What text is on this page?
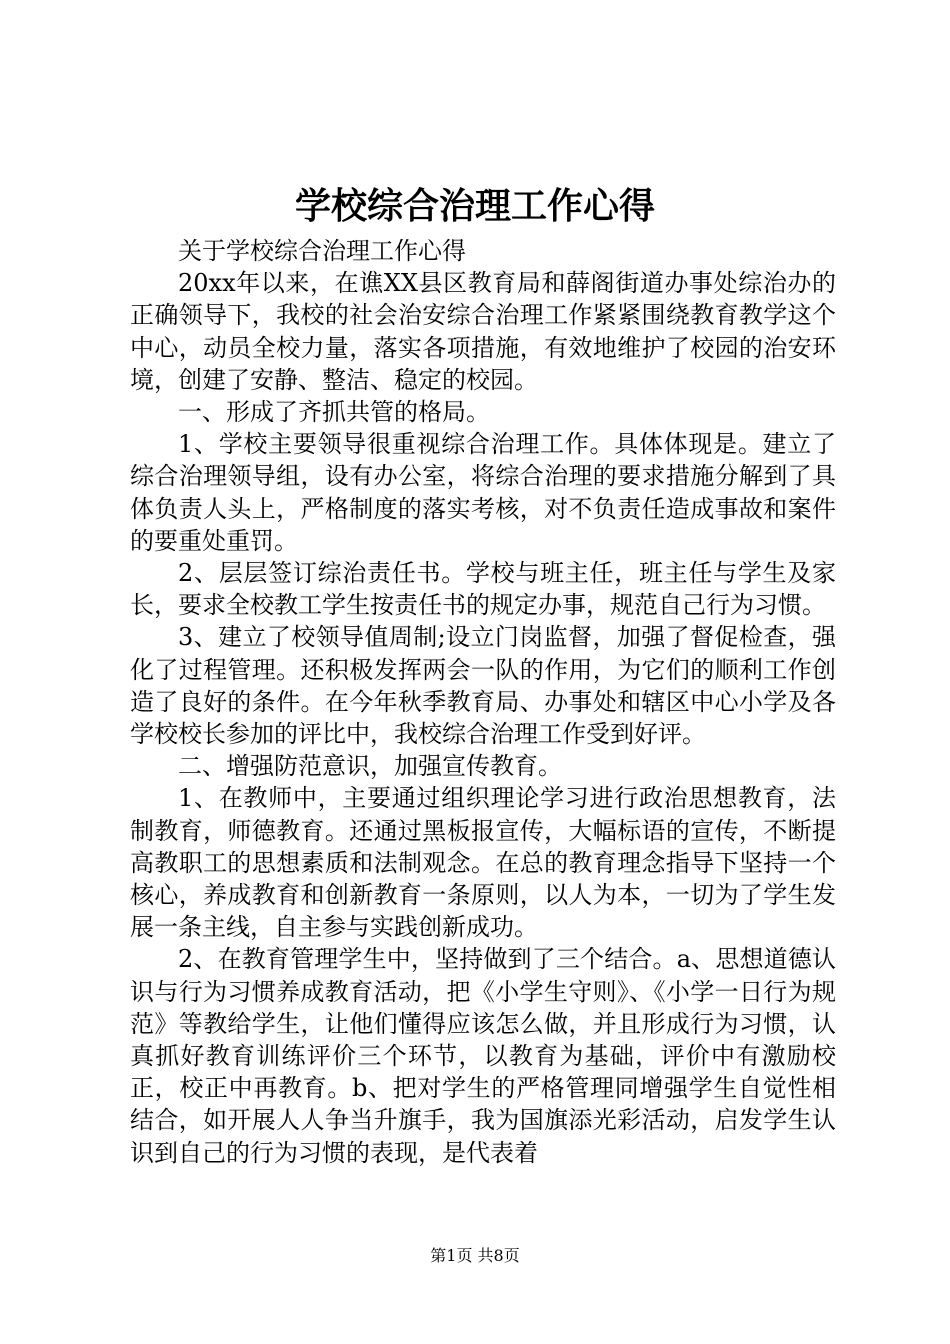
学校综合治理工作心得

关于学校综合治理工作心得

20xx年以来，在谯XX县区教育局和薛阁街道办事处综治办的正确领导下，我校的社会治安综合治理工作紧紧围绕教育教学这个中心，动员全校力量，落实各项措施，有效地维护了校园的治安环境，创建了安静、整洁、稳定的校园。

一、形成了齐抓共管的格局。

1、学校主要领导很重视综合治理工作。具体体现是。建立了综合治理领导组，设有办公室，将综合治理的要求措施分解到了具体负责人头上，严格制度的落实考核，对不负责任造成事故和案件的要重处重罚。

2、层层签订综治责任书。学校与班主任，班主任与学生及家长，要求全校教工学生按责任书的规定办事，规范自己行为习惯。

3、建立了校领导值周制;设立门岗监督，加强了督促检查，强化了过程管理。还积极发挥两会一队的作用，为它们的顺利工作创造了良好的条件。在今年秋季教育局、办事处和辖区中心小学及各学校校长参加的评比中，我校综合治理工作受到好评。

二、增强防范意识，加强宣传教育。

1、在教师中，主要通过组织理论学习进行政治思想教育，法制教育，师德教育。还通过黑板报宣传，大幅标语的宣传，不断提高教职工的思想素质和法制观念。在总的教育理念指导下坚持一个核心，养成教育和创新教育一条原则，以人为本，一切为了学生发展一条主线，自主参与实践创新成功。

2、在教育管理学生中，坚持做到了三个结合。a、思想道德认识与行为习惯养成教育活动，把《小学生守则》、《小学一日行为规范》等教给学生，让他们懂得应该怎么做，并且形成行为习惯，认真抓好教育训练评价三个环节，以教育为基础，评价中有激励校正，校正中再教育。b、把对学生的严格管理同增强学生自觉性相结合，如开展人人争当升旗手，我为国旗添光彩活动，启发学生认识到自己的行为习惯的表现，是代表着

第1页 共8页
